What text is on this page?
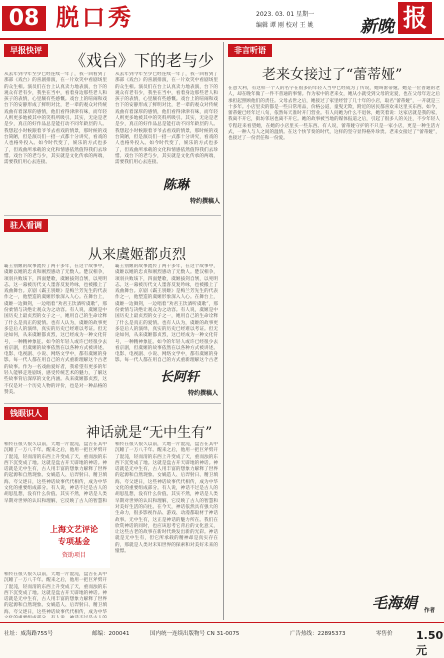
08 脱口秀	2023. 03. 01 星期一
编辑 谭 刚 校对 王 姚	新晚 报
早报快评
《戏台》下的老与少
从去年到今年至少已经连续一年了，我一回看到了那部《戏台》的喜剧排演，在一片欢笑中看剧场里的众生相。演员们在台上认真卖力地表演，台下的观众有老有少，我坐在当中，看着身边那些老人和孩子的表情，心里颇有些感慨。戏台上的喧闹和戏台下的安静形成了鲜明对比，老一辈的观众对传统戏曲有着深厚的感情，他们看得津津有味，而年轻人则更多地被其中的笑料所吸引。其实，无论是老是少，真正的好作品总是能打动不同年龄层的人。我想起小时候跟着爷爷去看戏的情景，那时候的戏台简陋，但是演员们一招一式都十分讲究，看戏的人也格外投入。如今时代变了，娱乐的方式也多了，但戏曲所承载的文化和情感依然值得我们去珍惜。戏台下的老与少，其实就是文化传承的两端，需要我们用心去连接。
从去年到今年至少已经连续一年了，我一回看到了那部《戏台》的喜剧排演，在一片欢笑中看剧场里的众生相。演员们在台上认真卖力地表演，台下的观众有老有少，我坐在当中，看着身边那些老人和孩子的表情，心里颇有些感慨。戏台上的喧闹和戏台下的安静形成了鲜明对比，老一辈的观众对传统戏曲有着深厚的感情，他们看得津津有味，而年轻人则更多地被其中的笑料所吸引。其实，无论是老是少，真正的好作品总是能打动不同年龄层的人。我想起小时候跟着爷爷去看戏的情景，那时候的戏台简陋，但是演员们一招一式都十分讲究，看戏的人也格外投入。如今时代变了，娱乐的方式也多了，但戏曲所承载的文化和情感依然值得我们去珍惜。戏台下的老与少，其实就是文化传承的两端，需要我们用心去连接。
陈琳
特约撰稿人
非言听语
老来女接过了“蕾蒂娅”
在意大利，有这样一个人的名字在很多的年轻人当中已经成为了传说，她叫蕾蒂娅。她是一位普通的老人，却在晚年做了一件不普通的事情。作为家中的老来女，她从小就受到父母的宠爱，也在父母年迈之后承担起照顾他们的责任。父母去世之后，她接过了家里经营了几十年的小店，取名“蕾蒂娅”，一开就是三十多年。小店里卖的都是一些日常用品，价格公道，童叟无欺，附近的居民都喜欢来这里买东西。如今，蕾蒂娅已经年过八旬，依然每天准时开门营业。有人问她为什么不退休，她笑着说：这家店就是我的家，我离不开它，街坊邻居也离不开它。她的故事被当地的媒体报道之后，引起了很多人的关注，不少年轻人专程赶来看望她，在她的小店里买一些东西。有人说，蕾蒂娅守护的不只是一家小店，更是一种生活方式，一种人与人之间的温情。在这个快节奏的时代，这样的坚守显得格外珍贵。老来女接过了“蕾蒂娅”，也接过了一份责任和一份爱。
毛海娟 作者
驻人看调
从来虞姬都贞烈
霸王别姬的故事流传了两千多年，在这个故事中，虞姬以她的忠贞和刚烈感动了无数人。楚汉相争，项羽兵败垓下，四面楚歌，虞姬拔剑自刎，以死明志。这一幕被历代文人墨客反复吟咏，也被搬上了戏曲舞台。京剧《霸王别姬》是梅兰芳先生的代表作之一，他塑造的虞姬形象深入人心。在舞台上，虞姬一边舞剑，一边唱着“劝君王饮酒听虞歌”，那份柔情与决绝让观众为之动容。有人说，虞姬是中国历史上最贞烈的女子之一，她用自己的生命诠释了什么是真正的爱情。也有人认为，虞姬的故事更多是后人的演绎，真实的历史已经难以考证。但无论如何，从来虞姬都贞烈，这已经成为一种文化符号，一种精神象征。如今的年轻人或许已经很少去看京剧，但虞姬的故事依然在以各种方式被讲述。电影、电视剧、小说、网络文学中，都有虞姬的身影。每一代人都在用自己的方式重新理解这个古老的故事。作为一名戏曲爱好者，我希望有更多的年轻人能够走进剧场，感受传统艺术的魅力，了解这些故事背后深厚的文化内涵。从来虞姬都贞烈，这不仅是对一个历史人物的评价，也是对一种品格的赞美。
霸王别姬的故事流传了两千多年，在这个故事中，虞姬以她的忠贞和刚烈感动了无数人。楚汉相争，项羽兵败垓下，四面楚歌，虞姬拔剑自刎，以死明志。这一幕被历代文人墨客反复吟咏，也被搬上了戏曲舞台。京剧《霸王别姬》是梅兰芳先生的代表作之一，他塑造的虞姬形象深入人心。在舞台上，虞姬一边舞剑，一边唱着“劝君王饮酒听虞歌”，那份柔情与决绝让观众为之动容。有人说，虞姬是中国历史上最贞烈的女子之一，她用自己的生命诠释了什么是真正的爱情。也有人认为，虞姬的故事更多是后人的演绎，真实的历史已经难以考证。但无论如何，从来虞姬都贞烈，这已经成为一种文化符号，一种精神象征。如今的年轻人或许已经很少去看京剧，但虞姬的故事依然在以各种方式被讲述。电影、电视剧、小说、网络文学中，都有虞姬的身影。每一代人都在用自己的方式重新理解这个古老
长阿轩
特约撰稿人
钱眼识人
神话就是“无中生有”
相传在很久很久以前，天地一片混沌，盘古在其中沉睡了一万八千年。醒来之后，他用一把巨斧劈开了混沌，轻而清的东西上升变成了天，重而浊的东西下沉变成了地。这就是盘古开天辟地的神话。神话就是无中生有，古人用丰富的想象力解释了世界的起源和自然现象。女娲造人、后羿射日、精卫填海、夸父逐日，这些神话故事代代相传，成为中华文化的重要组成部分。有人说，神话不过是古人的胡思乱想，没有什么价值。其实不然，神话是人类早期对世界的认识和理解，它反映了古人的智慧和
相传在很久很久以前，天地一片混沌，盘古在其中沉睡了一万八千年。醒来之后，他用一把巨斧劈开了混沌，轻而清的东西上升变成了天，重而浊的东西下沉变成了地。这就是盘古开天辟地的神话。神话就是无中生有，古人用丰富的想象力解释了世界的起源和自然现象。女娲造人、后羿射日、精卫填海、夸父逐日，这些神话故事代代相传，成为中华文化的重要组成部分。有人说，神话不过是古人的胡思乱想，没有什么价值。其实不然，神话是人类早期对世界的认识和理解，它反映了古人的智慧和对美好生活的向往。在今天，神话依然具有强大的生命力，很多影视作品、游戏、动漫都取材于神话故事。无中生有，这正是神话的魅力所在。我们在欣赏神话的同时，也应该思考它背后的文化意义，让这些古老的故事在新时代焕发出新的光彩。神话就是无中生有，但它所承载的精神却是真实存在的，那就是人类对未知世界的探索和对美好未来的憧憬。
上海文艺评论
专项基金
资助项目
相传在很久很久以前，天地一片混沌，盘古在其中沉睡了一万八千年。醒来之后，他用一把巨斧劈开了混沌，轻而清的东西上升变成了天，重而浊的东西下沉变成了地。这就是盘古开天辟地的神话。神话就是无中生有，古人用丰富的想象力解释了世界的起源和自然现象。女娲造人、后羿射日、精卫填海、夸父逐日，这些神话故事代代相传，成为中华
社址：威海路755号	邮编：200041	国内统一连续出版物号 CN 31-0075	广告热线：22895373	零售价 1.50元
